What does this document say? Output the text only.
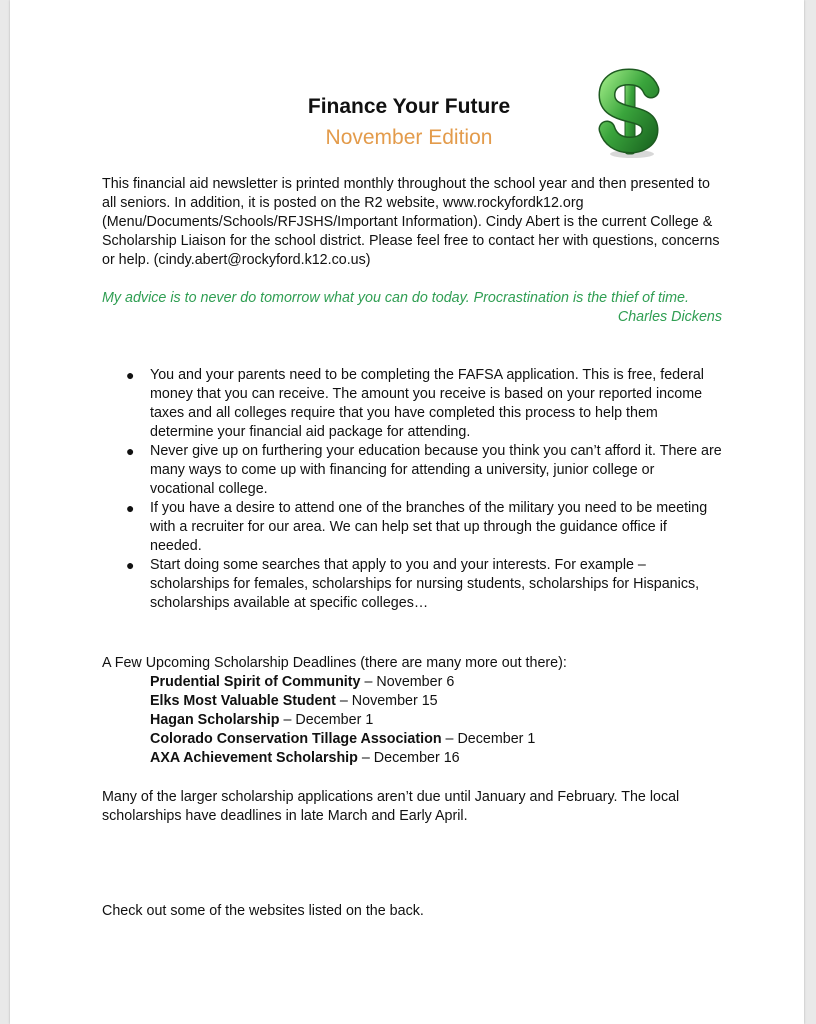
Finance Your Future
November Edition
This financial aid newsletter is printed monthly throughout the school year and then presented to all seniors. In addition, it is posted on the R2 website, www.rockyfordk12.org (Menu/Documents/Schools/RFJSHS/Important Information). Cindy Abert is the current College & Scholarship Liaison for the school district. Please feel free to contact her with questions, concerns or help. (cindy.abert@rockyford.k12.co.us)
My advice is to never do tomorrow what you can do today. Procrastination is the thief of time.
Charles Dickens
● You and your parents need to be completing the FAFSA application. This is free, federal money that you can receive. The amount you receive is based on your reported income taxes and all colleges require that you have completed this process to help them determine your financial aid package for attending.
● Never give up on furthering your education because you think you can’t afford it. There are many ways to come up with financing for attending a university, junior college or vocational college.
● If you have a desire to attend one of the branches of the military you need to be meeting with a recruiter for our area. We can help set that up through the guidance office if needed.
● Start doing some searches that apply to you and your interests. For example – scholarships for females, scholarships for nursing students, scholarships for Hispanics, scholarships available at specific colleges…
A Few Upcoming Scholarship Deadlines (there are many more out there):
Prudential Spirit of Community – November 6
Elks Most Valuable Student – November 15
Hagan Scholarship – December 1
Colorado Conservation Tillage Association – December 1
AXA Achievement Scholarship – December 16
Many of the larger scholarship applications aren’t due until January and February. The local scholarships have deadlines in late March and Early April.
Check out some of the websites listed on the back.
